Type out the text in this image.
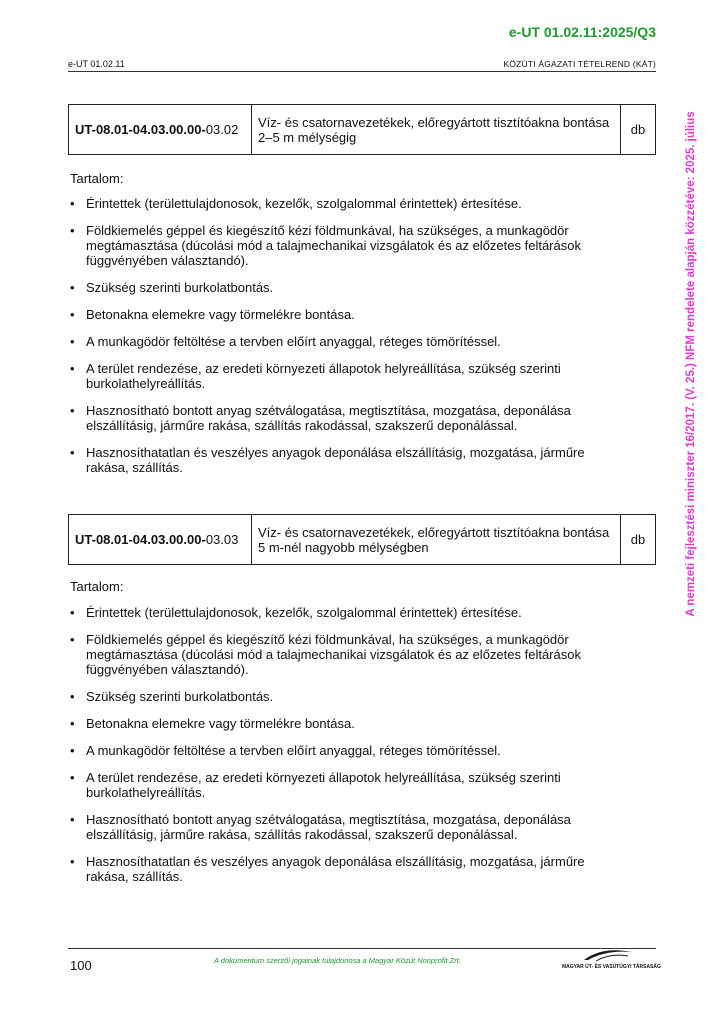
e-UT 01.02.11:2025/Q3
e-UT 01.02.11	KÖZÚTI ÁGAZATI TÉTELREND (KÁT)
A nemzeti fejlesztési miniszter 16/2017. (V. 25.) NFM rendelete alapján közzétéve: 2025. július
UT-08.01-04.03.00.00-03.02	Víz- és csatornavezetékek, előregyártott tisztítóakna bontása 2–5 m mélységig	db
Tartalom:
• Érintettek (területtulajdonosok, kezelők, szolgalommal érintettek) értesítése.
• Földkiemelés géppel és kiegészítő kézi földmunkával, ha szükséges, a munkagödör megtámasztása (dúcolási mód a talajmechanikai vizsgálatok és az előzetes feltárások függvényében választandó).
• Szükség szerinti burkolatbontás.
• Betonakna elemekre vagy törmelékre bontása.
• A munkagödör feltöltése a tervben előírt anyaggal, réteges tömörítéssel.
• A terület rendezése, az eredeti környezeti állapotok helyreállítása, szükség szerinti burkolathelyreállítás.
• Hasznosítható bontott anyag szétválogatása, megtisztítása, mozgatása, deponálása elszállításig, járműre rakása, szállítás rakodással, szakszerű deponálással.
• Hasznosíthatatlan és veszélyes anyagok deponálása elszállításig, mozgatása, járműre rakása, szállítás.
UT-08.01-04.03.00.00-03.03	Víz- és csatornavezetékek, előregyártott tisztítóakna bontása 5 m-nél nagyobb mélységben	db
Tartalom:
• Érintettek (területtulajdonosok, kezelők, szolgalommal érintettek) értesítése.
• Földkiemelés géppel és kiegészítő kézi földmunkával, ha szükséges, a munkagödör megtámasztása (dúcolási mód a talajmechanikai vizsgálatok és az előzetes feltárások függvényében választandó).
• Szükség szerinti burkolatbontás.
• Betonakna elemekre vagy törmelékre bontása.
• A munkagödör feltöltése a tervben előírt anyaggal, réteges tömörítéssel.
• A terület rendezése, az eredeti környezeti állapotok helyreállítása, szükség szerinti burkolathelyreállítás.
• Hasznosítható bontott anyag szétválogatása, megtisztítása, mozgatása, deponálása elszállításig, járműre rakása, szállítás rakodással, szakszerű deponálással.
• Hasznosíthatatlan és veszélyes anyagok deponálása elszállításig, mozgatása, járműre rakása, szállítás.
100	A dokumentum szerzői jogainak tulajdonosa a Magyar Közút Nonprofit Zrt.
MAGYAR ÚT- ÉS VASÚTÜGYI TÁRSASÁG
